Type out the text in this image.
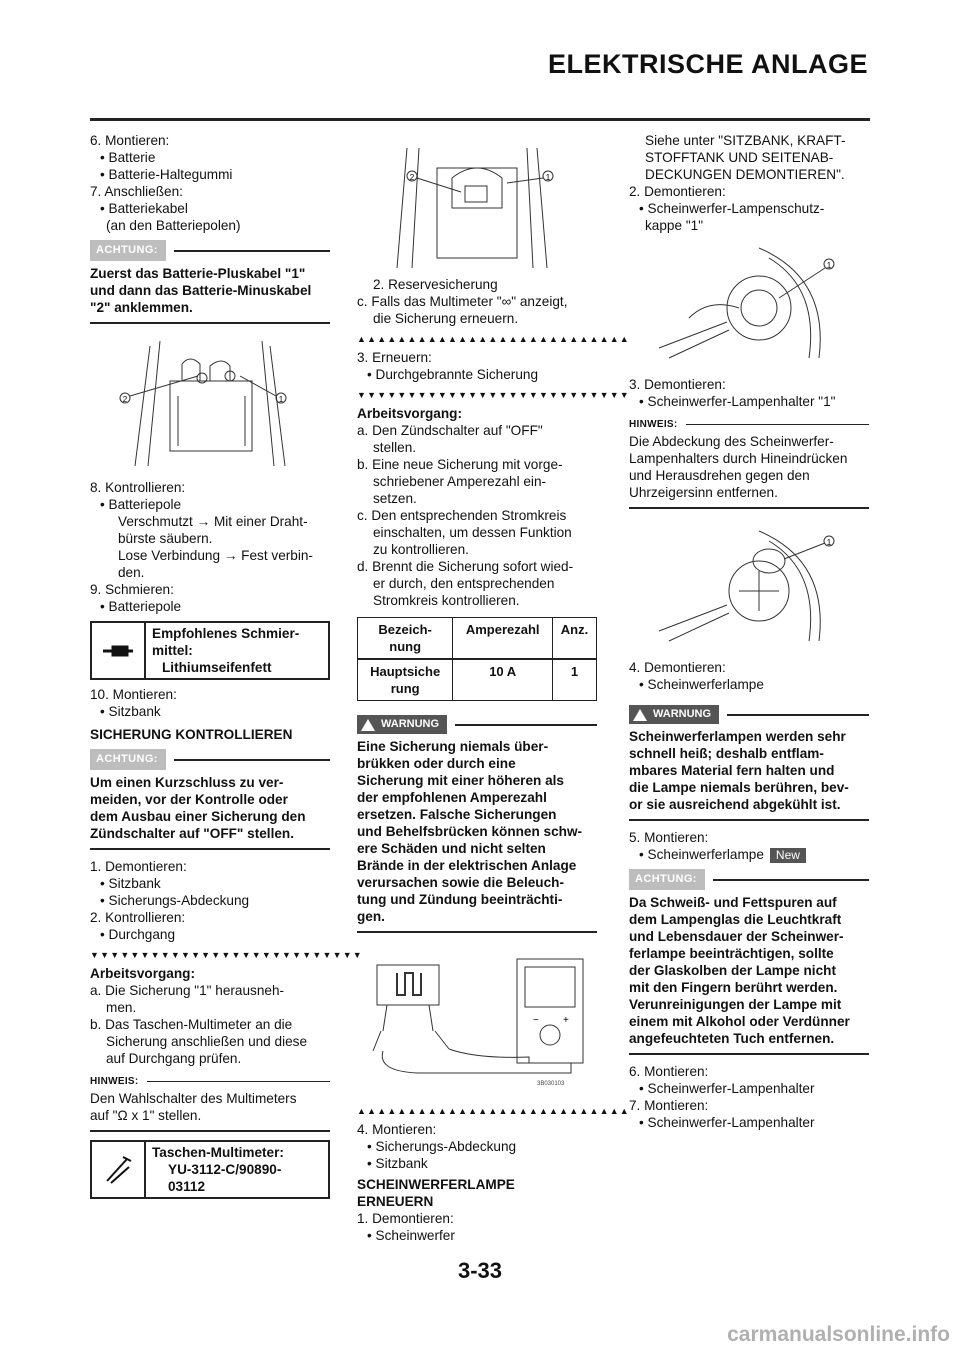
ELEKTRISCHE ANLAGE
6. Montieren:
• Batterie
• Batterie-Haltegummi
7. Anschließen:
• Batteriekabel
(an den Batteriepolen)
ACHTUNG:
Zuerst das Batterie-Pluskabel "1"
und dann das Batterie-Minuskabel
"2" anklemmen.
2	1
8. Kontrollieren:
• Batteriepole
Verschmutzt → Mit einer Draht-
bürste säubern.
Lose Verbindung → Fest verbin-
den.
9. Schmieren:
• Batteriepole
Empfohlenes Schmier-
mittel:
Lithiumseifenfett
10. Montieren:
• Sitzbank
SICHERUNG KONTROLLIEREN
ACHTUNG:
Um einen Kurzschluss zu ver-
meiden, vor der Kontrolle oder
dem Ausbau einer Sicherung den
Zündschalter auf "OFF" stellen.
1. Demontieren:
• Sitzbank
• Sicherungs-Abdeckung
2. Kontrollieren:
• Durchgang
▼▼▼▼▼▼▼▼▼▼▼▼▼▼▼▼▼▼▼▼▼▼▼▼▼▼▼
Arbeitsvorgang:
a. Die Sicherung "1" herausneh-
men.
b. Das Taschen-Multimeter an die
Sicherung anschließen und diese
auf Durchgang prüfen.
HINWEIS:
Den Wahlschalter des Multimeters
auf "Ω x 1" stellen.
Taschen-Multimeter:
YU-3112-C/90890-
03112
2	1
2. Reservesicherung
c. Falls das Multimeter "∞" anzeigt,
die Sicherung erneuern.
▲▲▲▲▲▲▲▲▲▲▲▲▲▲▲▲▲▲▲▲▲▲▲▲▲▲▲
3. Erneuern:
• Durchgebrannte Sicherung
▼▼▼▼▼▼▼▼▼▼▼▼▼▼▼▼▼▼▼▼▼▼▼▼▼▼▼
Arbeitsvorgang:
a. Den Zündschalter auf "OFF"
stellen.
b. Eine neue Sicherung mit vorge-
schriebener Amperezahl ein-
setzen.
c. Den entsprechenden Stromkreis
einschalten, um dessen Funktion
zu kontrollieren.
d. Brennt die Sicherung sofort wied-
er durch, den entsprechenden
Stromkreis kontrollieren.
Bezeich-
nung	Amperezahl	Anz.
Hauptsiche
rung	10 A	1
WARNUNG
Eine Sicherung niemals über-
brükken oder durch eine
Sicherung mit einer höheren als
der empfohlenen Amperezahl
ersetzen. Falsche Sicherungen
und Behelfsbrücken können schw-
ere Schäden und nicht selten
Brände in der elektrischen Anlage
verursachen sowie die Beleuch-
tung und Zündung beeinträchti-
gen.
− +
3B030103
▲▲▲▲▲▲▲▲▲▲▲▲▲▲▲▲▲▲▲▲▲▲▲▲▲▲▲
4. Montieren:
• Sicherungs-Abdeckung
• Sitzbank
SCHEINWERFERLAMPE
ERNEUERN
1. Demontieren:
• Scheinwerfer
Siehe unter "SITZBANK, KRAFT-
STOFFTANK UND SEITENAB-
DECKUNGEN DEMONTIEREN".
2. Demontieren:
• Scheinwerfer-Lampenschutz-
kappe "1"
1
3. Demontieren:
• Scheinwerfer-Lampenhalter "1"
HINWEIS:
Die Abdeckung des Scheinwerfer-
Lampenhalters durch Hineindrücken
und Herausdrehen gegen den
Uhrzeigersinn entfernen.
1
4. Demontieren:
• Scheinwerferlampe
WARNUNG
Scheinwerferlampen werden sehr
schnell heiß; deshalb entflam-
mbares Material fern halten und
die Lampe niemals berühren, bev-
or sie ausreichend abgekühlt ist.
5. Montieren:
• Scheinwerferlampe New
ACHTUNG:
Da Schweiß- und Fettspuren auf
dem Lampenglas die Leuchtkraft
und Lebensdauer der Scheinwer-
ferlampe beeinträchtigen, sollte
der Glaskolben der Lampe nicht
mit den Fingern berührt werden.
Verunreinigungen der Lampe mit
einem mit Alkohol oder Verdünner
angefeuchteten Tuch entfernen.
6. Montieren:
• Scheinwerfer-Lampenhalter
7. Montieren:
• Scheinwerfer-Lampenhalter
3-33
carmanualsonline.info
